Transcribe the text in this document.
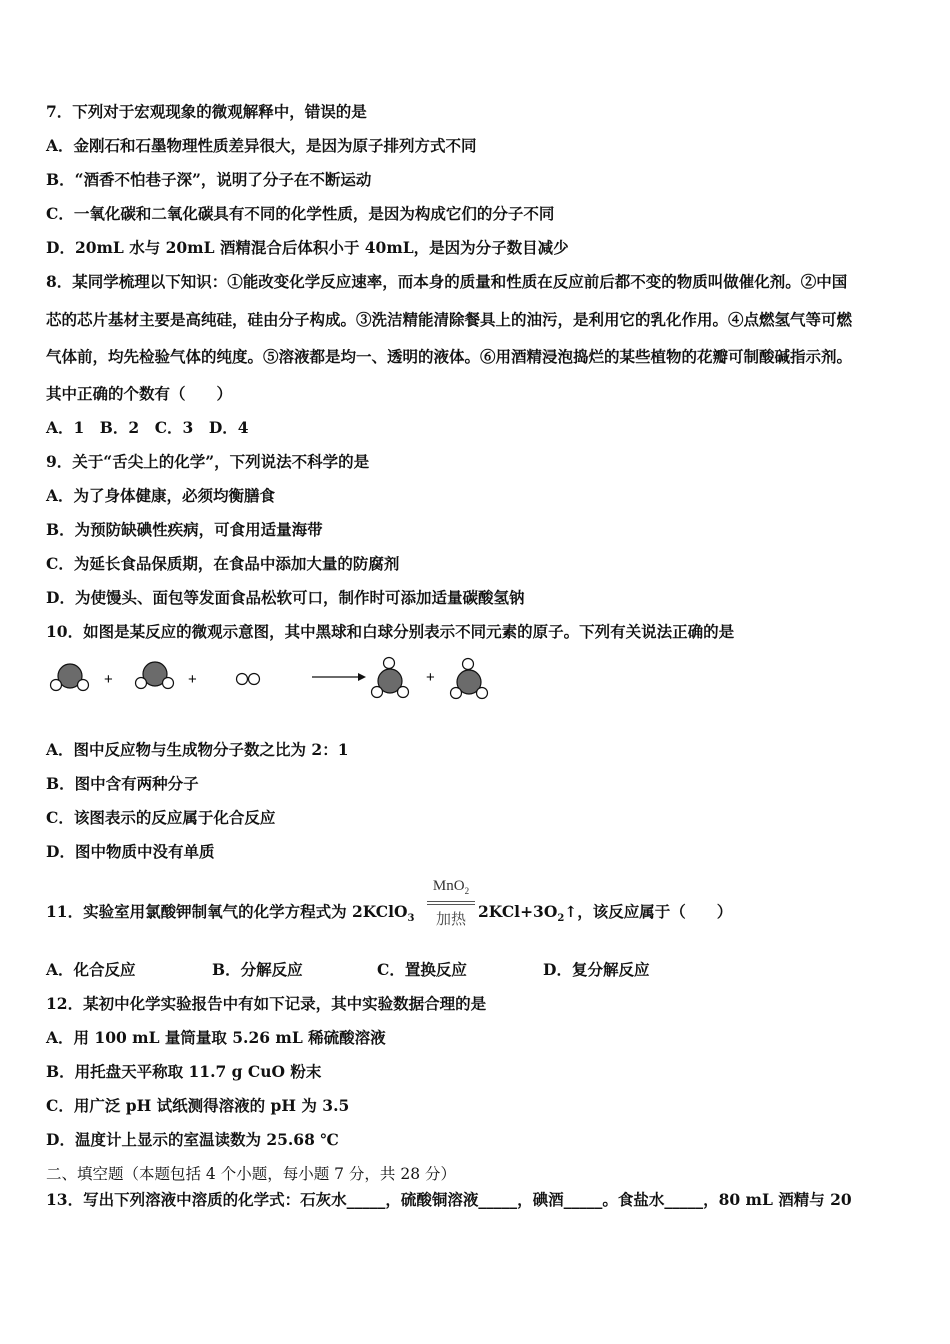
7．下列对于宏观现象的微观解释中，错误的是
A．金刚石和石墨物理性质差异很大，是因为原子排列方式不同
B．“酒香不怕巷子深”，说明了分子在不断运动
C．一氧化碳和二氧化碳具有不同的化学性质，是因为构成它们的分子不同
D．20mL 水与 20mL 酒精混合后体积小于 40mL，是因为分子数目减少
8．某同学梳理以下知识：①能改变化学反应速率，而本身的质量和性质在反应前后都不变的物质叫做催化剂。②中国
芯的芯片基材主要是高纯硅，硅由分子构成。③洗洁精能清除餐具上的油污，是利用它的乳化作用。④点燃氢气等可燃
气体前，均先检验气体的纯度。⑤溶液都是均一、透明的液体。⑥用酒精浸泡捣烂的某些植物的花瓣可制酸碱指示剂。
其中正确的个数有（　　）
A．1　B．2　C．3　D．4
9．关于“舌尖上的化学”，下列说法不科学的是
A．为了身体健康，必须均衡膳食
B．为预防缺碘性疾病，可食用适量海带
C．为延长食品保质期，在食品中添加大量的防腐剂
D．为使馒头、面包等发面食品松软可口，制作时可添加适量碳酸氢钠
10．如图是某反应的微观示意图，其中黑球和白球分别表示不同元素的原子。下列有关说法正确的是
+	+	+
A．图中反应物与生成物分子数之比为 2：1
B．图中含有两种分子
C．该图表示的反应属于化合反应
D．图中物质中没有单质
11．实验室用氯酸钾制氧气的化学方程式为 2KClO$_3$
MnO$_2$
加热 $2KCl+3O_2↑$，该反应属于（　　）
A．化合反应	B．分解反应	C．置换反应	D．复分解反应
12．某初中化学实验报告中有如下记录，其中实验数据合理的是
A．用 100 mL 量筒量取 5.26 mL 稀硫酸溶液
B．用托盘天平称取 11.7 g CuO 粉末
C．用广泛 pH 试纸测得溶液的 pH 为 3.5
D．温度计上显示的室温读数为 25.68 ℃
二、填空题（本题包括 4 个小题，每小题 7 分，共 28 分）
13．写出下列溶液中溶质的化学式：石灰水_____，硫酸铜溶液_____，碘酒_____。食盐水_____，80 mL 酒精与 20
